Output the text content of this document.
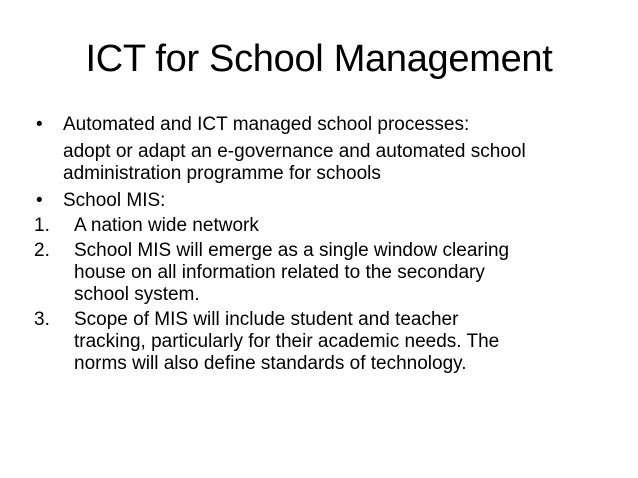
ICT for School Management
•	Automated and ICT managed school processes:
adopt or adapt an e-governance and automated school
administration programme for schools
•	School MIS:
1.	A nation wide network
2.	School MIS will emerge as a single window clearing
house on all information related to the secondary
school system.
3.	Scope of MIS will include student and teacher
tracking, particularly for their academic needs. The
norms will also define standards of technology.
